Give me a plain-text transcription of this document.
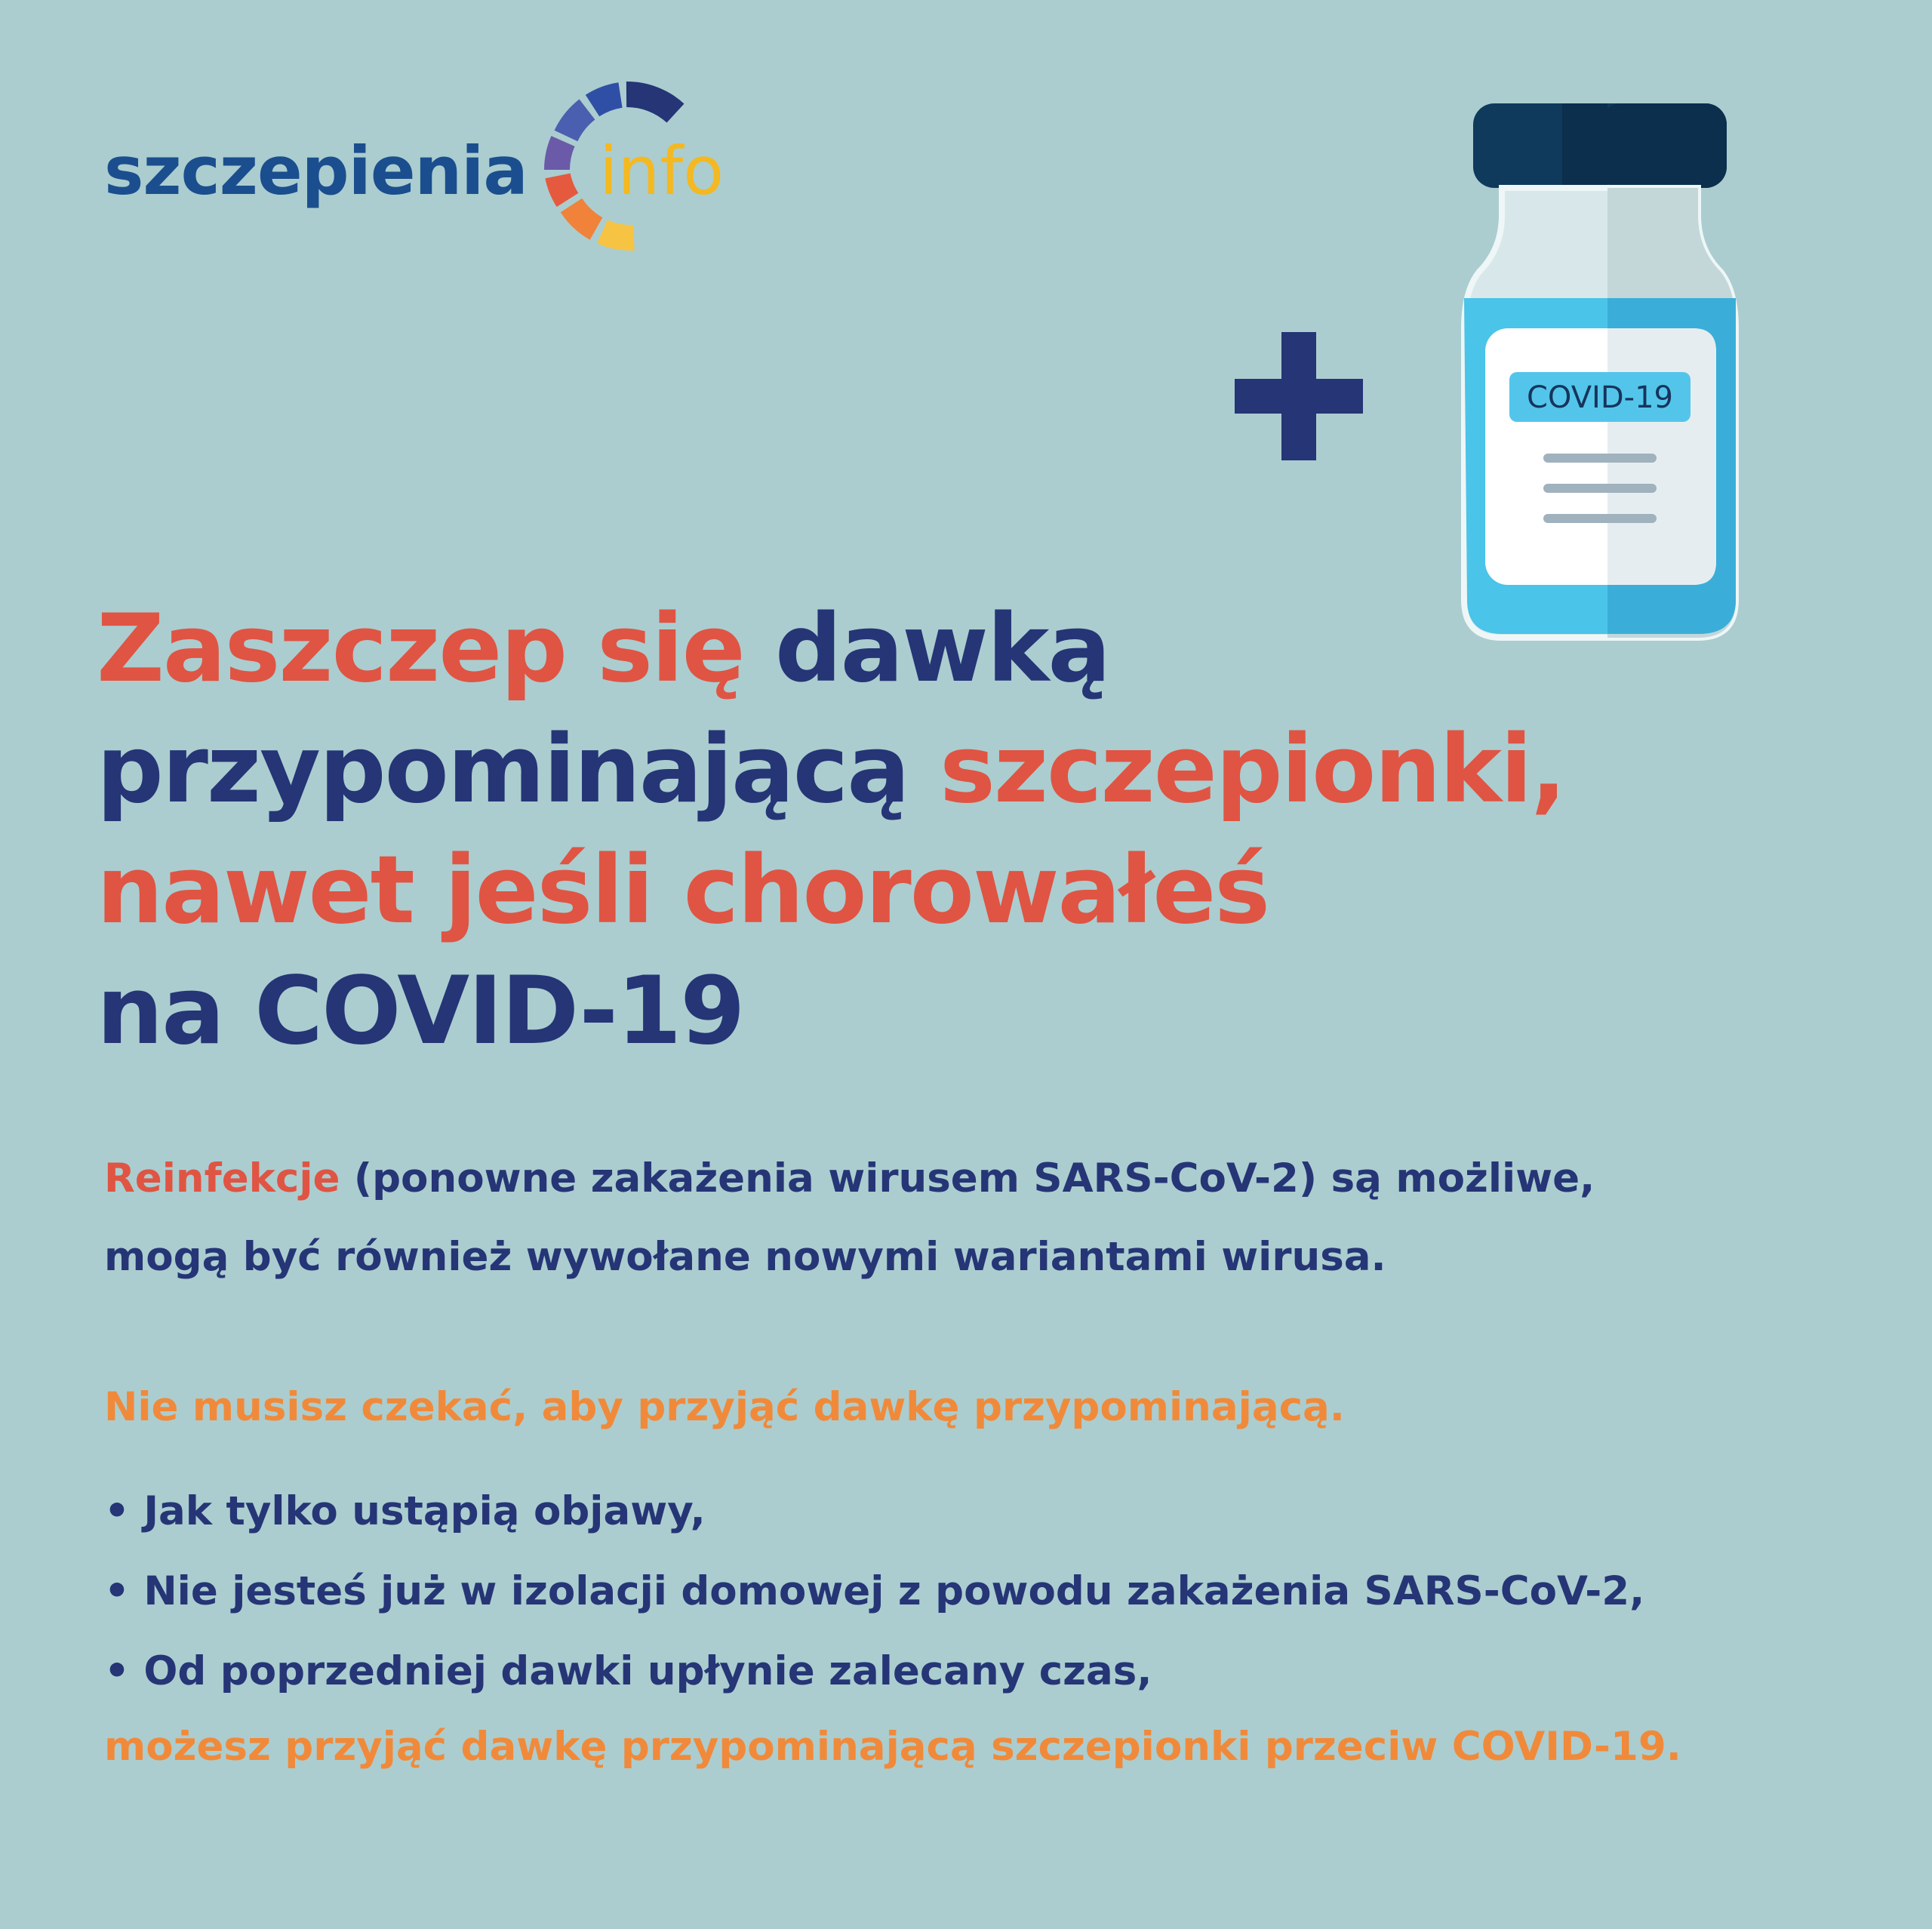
szczepienia info
COVID-19
Zaszczep się dawką
przypominającą szczepionki,
nawet jeśli chorowałeś
na COVID-19
Reinfekcje (ponowne zakażenia wirusem SARS-CoV-2) są możliwe,
mogą być również wywołane nowymi wariantami wirusa.
Nie musisz czekać, aby przyjąć dawkę przypominającą.
• Jak tylko ustąpią objawy,
• Nie jesteś już w izolacji domowej z powodu zakażenia SARS-CoV-2,
• Od poprzedniej dawki upłynie zalecany czas,
możesz przyjąć dawkę przypominającą szczepionki przeciw COVID-19.
